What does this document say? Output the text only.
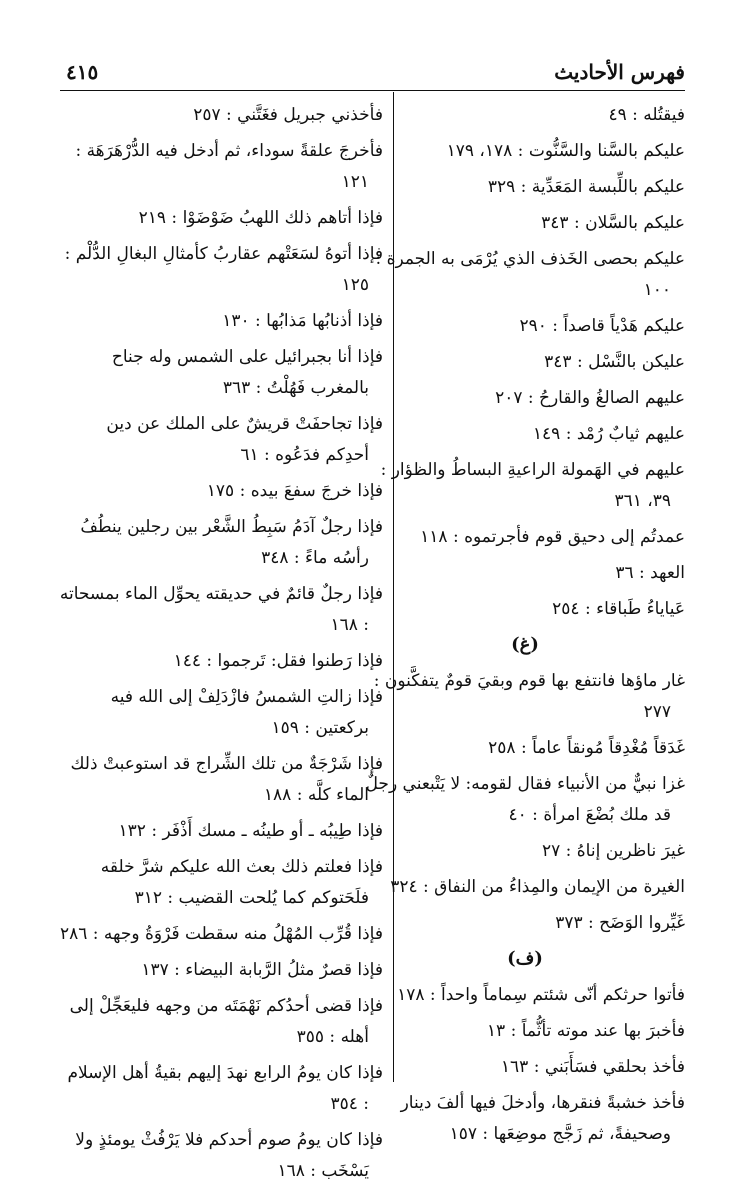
٤١٥	فهرس الأحاديث
فيقتُله : ٤٩
عليكم بالسَّنا والسَّنُّوت : ١٧٨، ١٧٩
عليكم باللِّبسة المَعَدِّية : ٣٢٩
عليكم بالسَّلان : ٣٤٣
عليكم بحصى الخَذف الذي يُرْمَى به الجمرة : ١٠٠
عليكم هَدْياً قاصداً : ٢٩٠
عليكن بالنَّسْل : ٣٤٣
عليهم الصالغُ والقارحُ : ٢٠٧
عليهم ثيابٌ رُمْد : ١٤٩
عليهم في الهَمولة الراعيةِ البساطُ والظؤار : ٣٩، ٣٦١
عمدتُم إلى دحيق قوم فأجرتموه : ١١٨
العهد : ٣٦
عَياياءُ طَباقاء : ٢٥٤
(غ)
غار ماؤها فانتفع بها قوم وبقيَ قومٌ يتفكَّنون : ٢٧٧
غَدَقاً مُغْدِقاً مُونقاً عاماً : ٢٥٨
غزا نبيٌّ من الأنبياء فقال لقومه: لا يَتْبعني رجلٌ قد ملك بُضْعَ امرأة : ٤٠
غيرَ ناظرين إناهُ : ٢٧
الغيرة من الإيمان والمِذاءُ من النفاق : ٣٢٤
غَيِّروا الوَضَح : ٣٧٣
(ف)
فأتوا حرثكم أنّى شئتم سِماماً واحداً : ١٧٨
فأخبرَ بها عند موته تأثُّماً : ١٣
فأخذ بحلقي فسَأَبَني : ١٦٣
فأخذ خشبةً فنقرها، وأدخلَ فيها ألفَ دينار وصحيفةً، ثم زَجَّج موضِعَها : ١٥٧
فأخذني جبريل فغَتَّني : ٢٥٧
فأخرجَ علقةً سوداء، ثم أدخل فيه الدُّرْهَرَهَة : ١٢١
فإذا أتاهم ذلك اللهبُ ضَوْضَوْا : ٢١٩
فإذا أتوهُ لسَعَتْهم عقاربُ كأمثالِ البغالِ الدُّلْم : ١٢٥
فإذا أذنابُها مَذابُها : ١٣٠
فإذا أنا بجبرائيل على الشمس وله جناح بالمغرب فَهُلْتُ : ٣٦٣
فإذا تجاحفَتْ قريشٌ على الملك عن دين أحدِكم فدَعُوه : ٦١
فإذا خرجَ سفعَ بيده : ١٧٥
فإذا رجلٌ آدَمُ سَبِطُ الشَّعْر بين رجلين ينطُفُ رأسُه ماءً : ٣٤٨
فإذا رجلٌ قائمٌ في حديقته يحوِّل الماء بمسحاته : ١٦٨
فإذا رَطنوا فقل: تَرجموا : ١٤٤
فإذا زالتِ الشمسُ فازْدَلِفْ إلى الله فيه بركعتين : ١٥٩
فإذا شَرْجَةٌ من تلك الشِّراج قد استوعبتْ ذلك الماء كلَّه : ١٨٨
فإذا طِيبُه ـ أو طينُه ـ مسك أَذْفَر : ١٣٢
فإذا فعلتم ذلك بعث الله عليكم شرَّ خلقه فلَحَتوكم كما يُلحت القضيب : ٣١٢
فإذا قُرِّب المُهْلُ منه سقطت فَرْوَةُ وجهه : ٢٨٦
فإذا قصرٌ مثلُ الرَّبابة البيضاء : ١٣٧
فإذا قضى أحدُكم نَهْمَتَه من وجهه فليعَجِّلْ إلى أهله : ٣٥٥
فإذا كان يومُ الرابع نهدَ إليهم بقيةُ أهل الإسلام : ٣٥٤
فإذا كان يومُ صوم أحدكم فلا يَرْفُثْ يومئذٍ ولا يَسْخَب : ١٦٨
